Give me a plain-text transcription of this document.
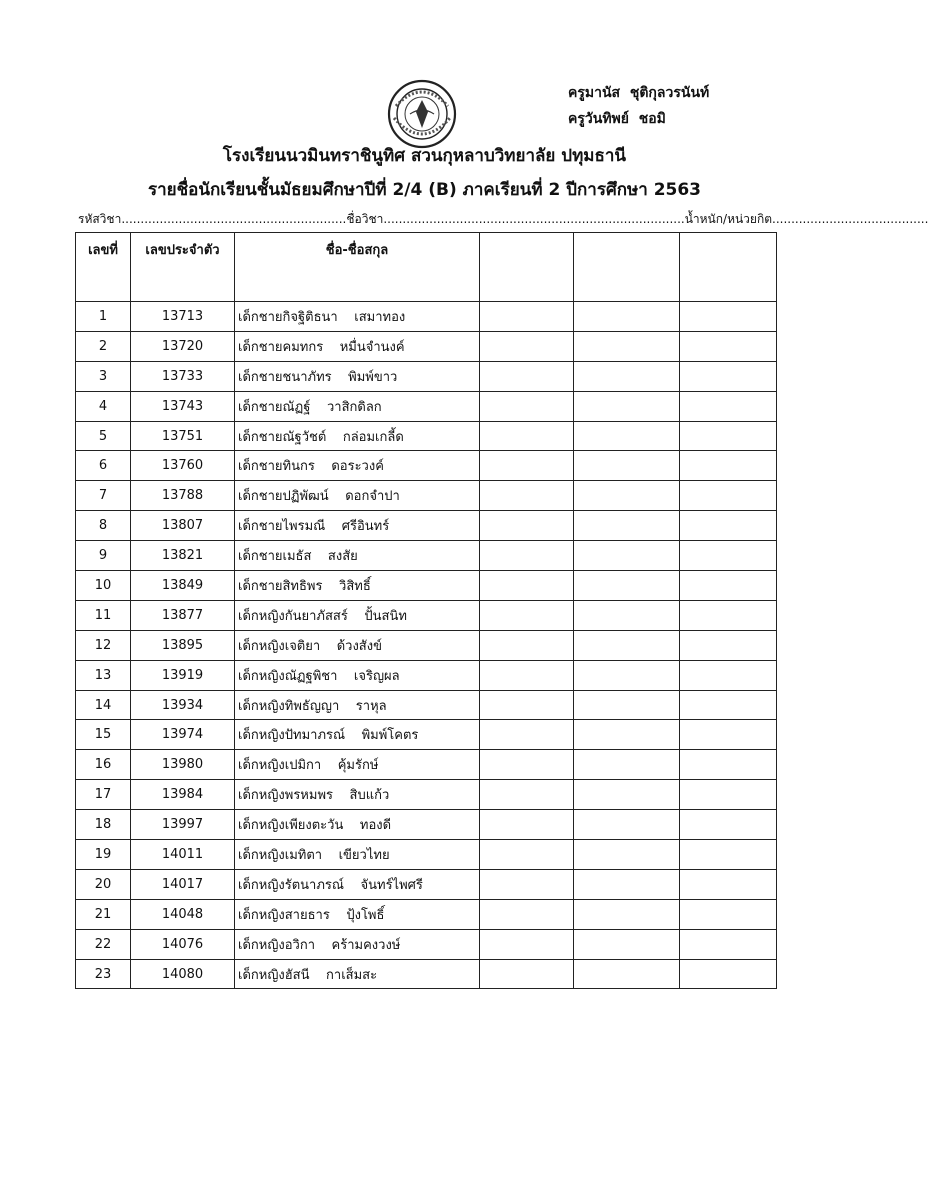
ครูมานัส  ชุติกุลวรนันท์
ครูวันทิพย์  ชอมิ
โรงเรียนนวมินทราชินูทิศ สวนกุหลาบวิทยาลัย ปทุมธานี
รายชื่อนักเรียนชั้นมัธยมศึกษาปีที่ 2/4 (B) ภาคเรียนที่ 2 ปีการศึกษา 2563
รหัสวิชา...........................................................ชื่อวิชา...............................................................................น้ำหนัก/หน่วยกิต.........................................
เลขที่	เลขประจำตัว	ชื่อ-ชื่อสกุล			
1	13713	เด็กชายกิจฐิติธนา    เสมาทอง			
2	13720	เด็กชายคมทกร    หมื่นจำนงค์			
3	13733	เด็กชายชนาภัทร    พิมพ์ขาว			
4	13743	เด็กชายณัฏฐ์    วาสิกดิลก			
5	13751	เด็กชายณัฐวัชต์    กล่อมเกลี้ด			
6	13760	เด็กชายทินกร    ดอระวงค์			
7	13788	เด็กชายปฏิพัฒน์    ดอกจำปา			
8	13807	เด็กชายไพรมณี    ศรีอินทร์			
9	13821	เด็กชายเมธัส    สงสัย			
10	13849	เด็กชายสิทธิพร    วิสิทธิ์			
11	13877	เด็กหญิงกันยาภัสสร์    ปั้นสนิท			
12	13895	เด็กหญิงเจติยา    ด้วงสังข์			
13	13919	เด็กหญิงณัฏฐพิชา    เจริญผล			
14	13934	เด็กหญิงทิพธัญญา    ราหุล			
15	13974	เด็กหญิงปัทมาภรณ์    พิมพ์โคตร			
16	13980	เด็กหญิงเปมิกา    คุ้มรักษ์			
17	13984	เด็กหญิงพรหมพร    สิบแก้ว			
18	13997	เด็กหญิงเพียงตะวัน    ทองดี			
19	14011	เด็กหญิงเมทิตา    เขียวไทย			
20	14017	เด็กหญิงรัตนาภรณ์    จันทร์ไพศรี			
21	14048	เด็กหญิงสายธาร    ปุ้งโพธิ์			
22	14076	เด็กหญิงอวิกา    คร้ามคงวงษ์			
23	14080	เด็กหญิงฮัสนี    กาเส็มสะ			
